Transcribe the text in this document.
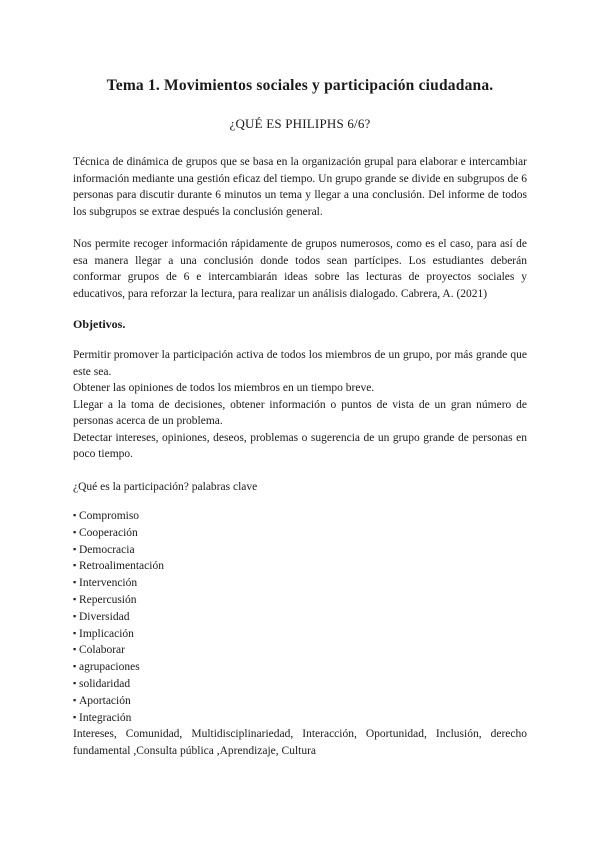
Tema 1. Movimientos sociales y participación ciudadana.

¿QUÉ ES PHILIPHS 6/6?

Técnica de dinámica de grupos que se basa en la organización grupal para elaborar e intercambiar información mediante una gestión eficaz del tiempo. Un grupo grande se divide en subgrupos de 6 personas para discutir durante 6 minutos un tema y llegar a una conclusión. Del informe de todos los subgrupos se extrae después la conclusión general.

Nos permite recoger información rápidamente de grupos numerosos, como es el caso, para así de esa manera llegar a una conclusión donde todos sean partícipes. Los estudiantes deberán conformar grupos de 6 e intercambiarán ideas sobre las lecturas de proyectos sociales y educativos, para reforzar la lectura, para realizar un análisis dialogado. Cabrera, A. (2021)

Objetivos.

Permitir promover la participación activa de todos los miembros de un grupo, por más grande que este sea.

Obtener las opiniones de todos los miembros en un tiempo breve.

Llegar a la toma de decisiones, obtener información o puntos de vista de un gran número de personas acerca de un problema.

Detectar intereses, opiniones, deseos, problemas o sugerencia de un grupo grande de personas en poco tiempo.

¿Qué es la participación? palabras clave

▪ Compromiso
▪ Cooperación
▪ Democracia
▪ Retroalimentación
▪ Intervención
▪ Repercusión
▪ Diversidad
▪ Implicación
▪ Colaborar
▪ agrupaciones
▪ solidaridad
▪ Aportación
▪ Integración

Intereses, Comunidad, Multidisciplinariedad, Interacción, Oportunidad, Inclusión, derecho fundamental ,Consulta pública ,Aprendizaje, Cultura
